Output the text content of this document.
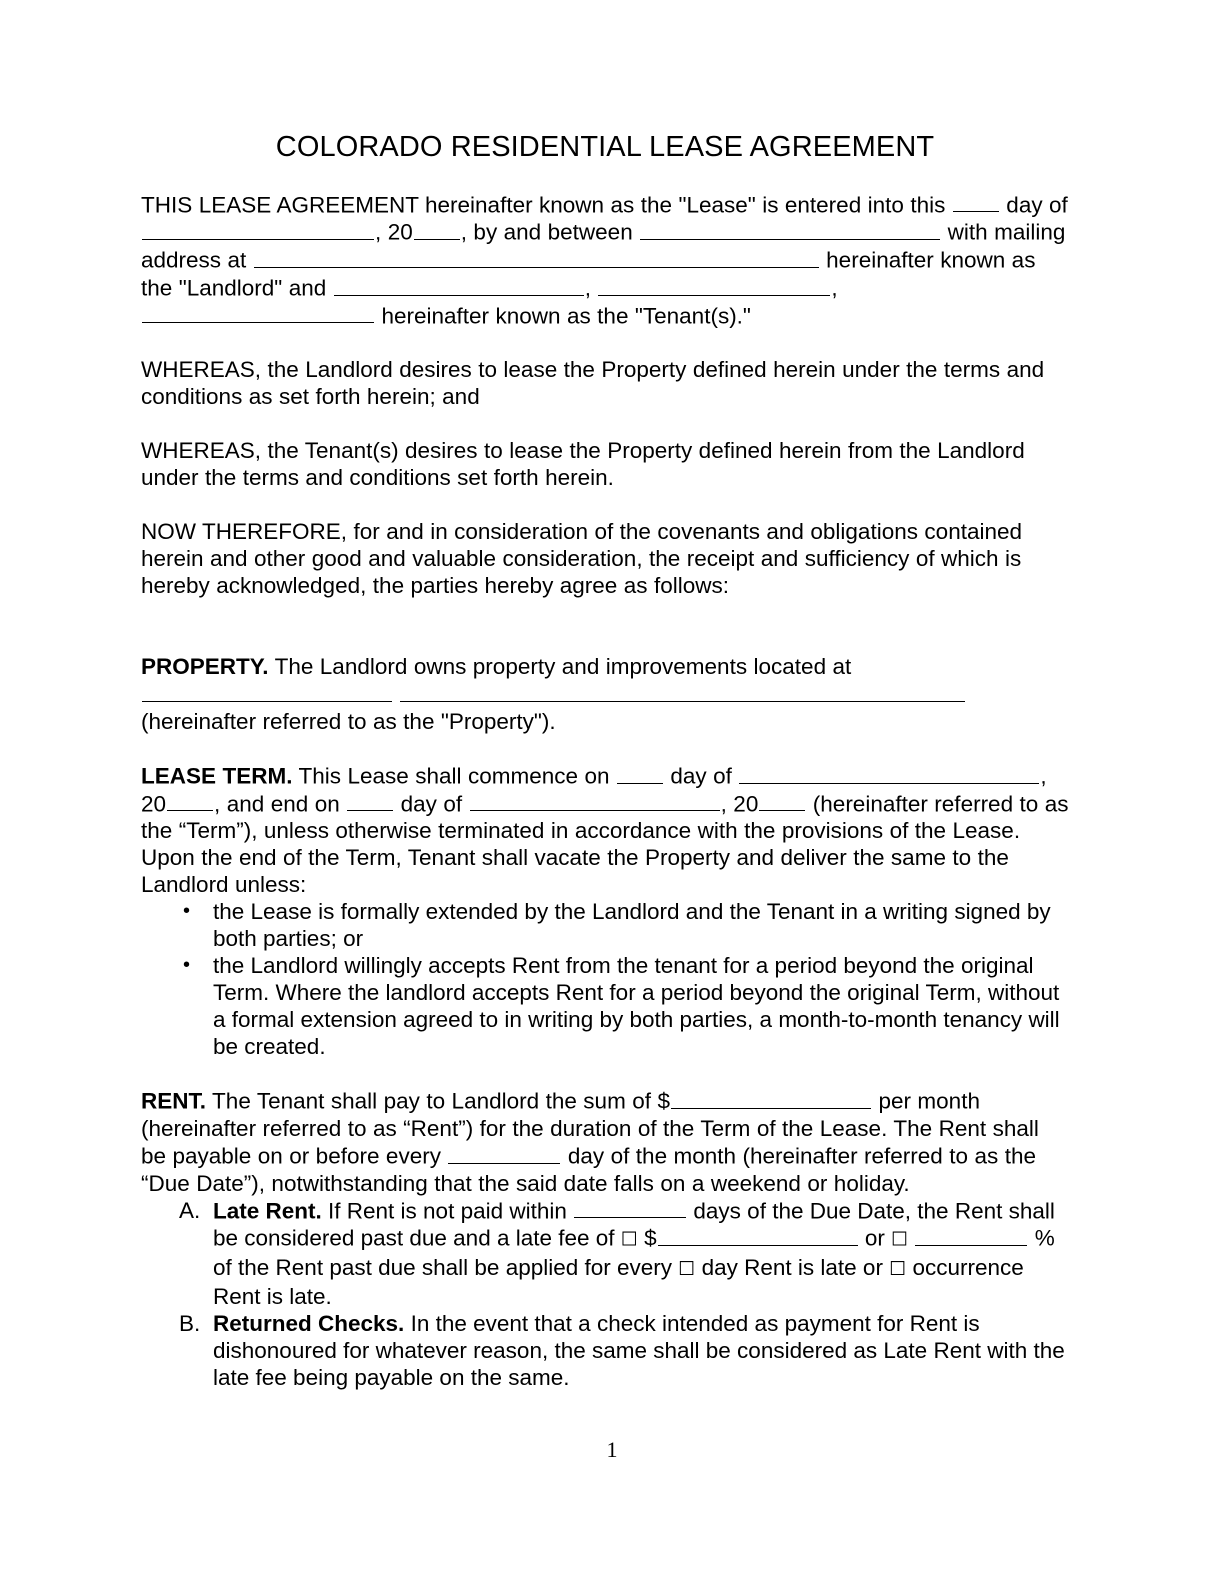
COLORADO RESIDENTIAL LEASE AGREEMENT

THIS LEASE AGREEMENT hereinafter known as the "Lease" is entered into this  day of , 20 , by and between	with mailing address at	hereinafter known as the "Landlord" and	,	,  hereinafter known as the "Tenant(s)."

WHEREAS, the Landlord desires to lease the Property defined herein under the terms and conditions as set forth herein; and

WHEREAS, the Tenant(s) desires to lease the Property defined herein from the Landlord under the terms and conditions set forth herein.

NOW THEREFORE, for and in consideration of the covenants and obligations contained herein and other good and valuable consideration, the receipt and sufficiency of which is hereby acknowledged, the parties hereby agree as follows:

PROPERTY. The Landlord owns property and improvements located at  (hereinafter referred to as the "Property").

LEASE TERM. This Lease shall commence on  day of	, 20 , and end on  day of	, 20 (hereinafter referred to as the “Term”), unless otherwise terminated in accordance with the provisions of the Lease. Upon the end of the Term, Tenant shall vacate the Property and deliver the same to the Landlord unless:

• the Lease is formally extended by the Landlord and the Tenant in a writing signed by both parties; or
• the Landlord willingly accepts Rent from the tenant for a period beyond the original Term. Where the landlord accepts Rent for a period beyond the original Term, without a formal extension agreed to in writing by both parties, a month-to-month tenancy will be created.

RENT. The Tenant shall pay to Landlord the sum of $	per month (hereinafter referred to as “Rent”) for the duration of the Term of the Lease. The Rent shall be payable on or before every	day of the month (hereinafter referred to as the “Due Date”), notwithstanding that the said date falls on a weekend or holiday.

A. Late Rent. If Rent is not paid within	days of the Due Date, the Rent shall be considered past due and a late fee of ☐ $	or ☐	% of the Rent past due shall be applied for every ☐ day Rent is late or ☐ occurrence Rent is late.
B. Returned Checks. In the event that a check intended as payment for Rent is dishonoured for whatever reason, the same shall be considered as Late Rent with the late fee being payable on the same.
1
